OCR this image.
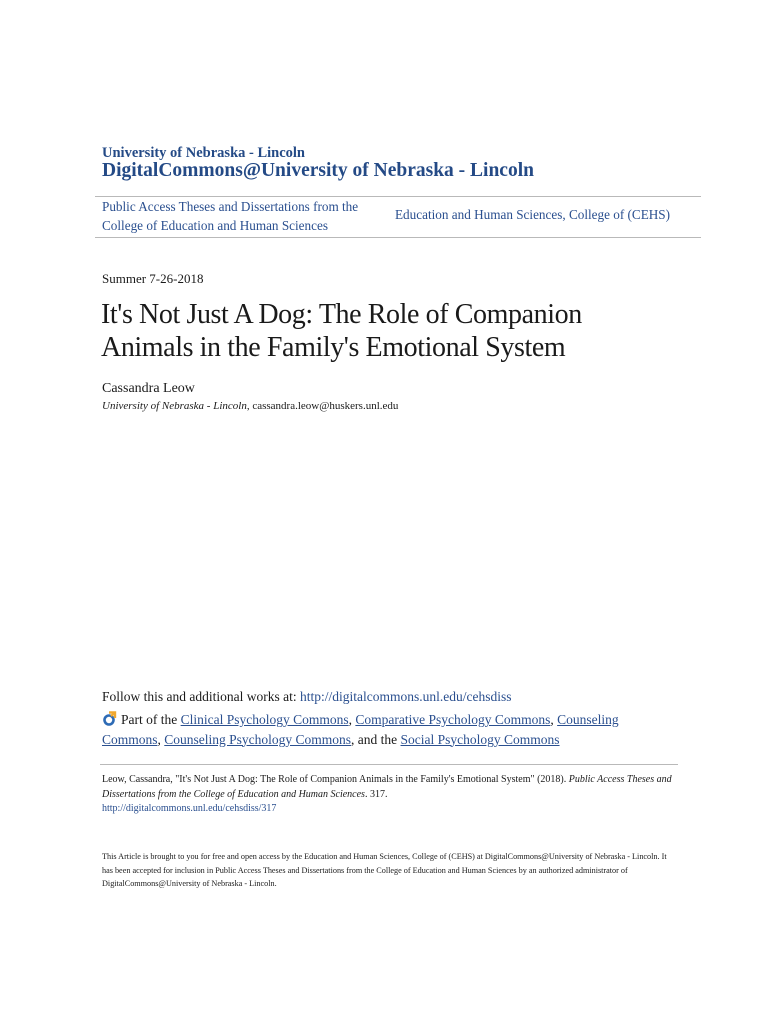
University of Nebraska - Lincoln
DigitalCommons@University of Nebraska - Lincoln
Public Access Theses and Dissertations from the
College of Education and Human Sciences
Education and Human Sciences, College of (CEHS)
Summer 7-26-2018
It's Not Just A Dog: The Role of Companion
Animals in the Family's Emotional System
Cassandra Leow
University of Nebraska - Lincoln, cassandra.leow@huskers.unl.edu
Follow this and additional works at: http://digitalcommons.unl.edu/cehsdiss
Part of the Clinical Psychology Commons, Comparative Psychology Commons, Counseling Commons, Counseling Psychology Commons, and the Social Psychology Commons
Leow, Cassandra, "It's Not Just A Dog: The Role of Companion Animals in the Family's Emotional System" (2018). Public Access Theses and Dissertations from the College of Education and Human Sciences. 317.
http://digitalcommons.unl.edu/cehsdiss/317
This Article is brought to you for free and open access by the Education and Human Sciences, College of (CEHS) at DigitalCommons@University of Nebraska - Lincoln. It has been accepted for inclusion in Public Access Theses and Dissertations from the College of Education and Human Sciences by an authorized administrator of DigitalCommons@University of Nebraska - Lincoln.
